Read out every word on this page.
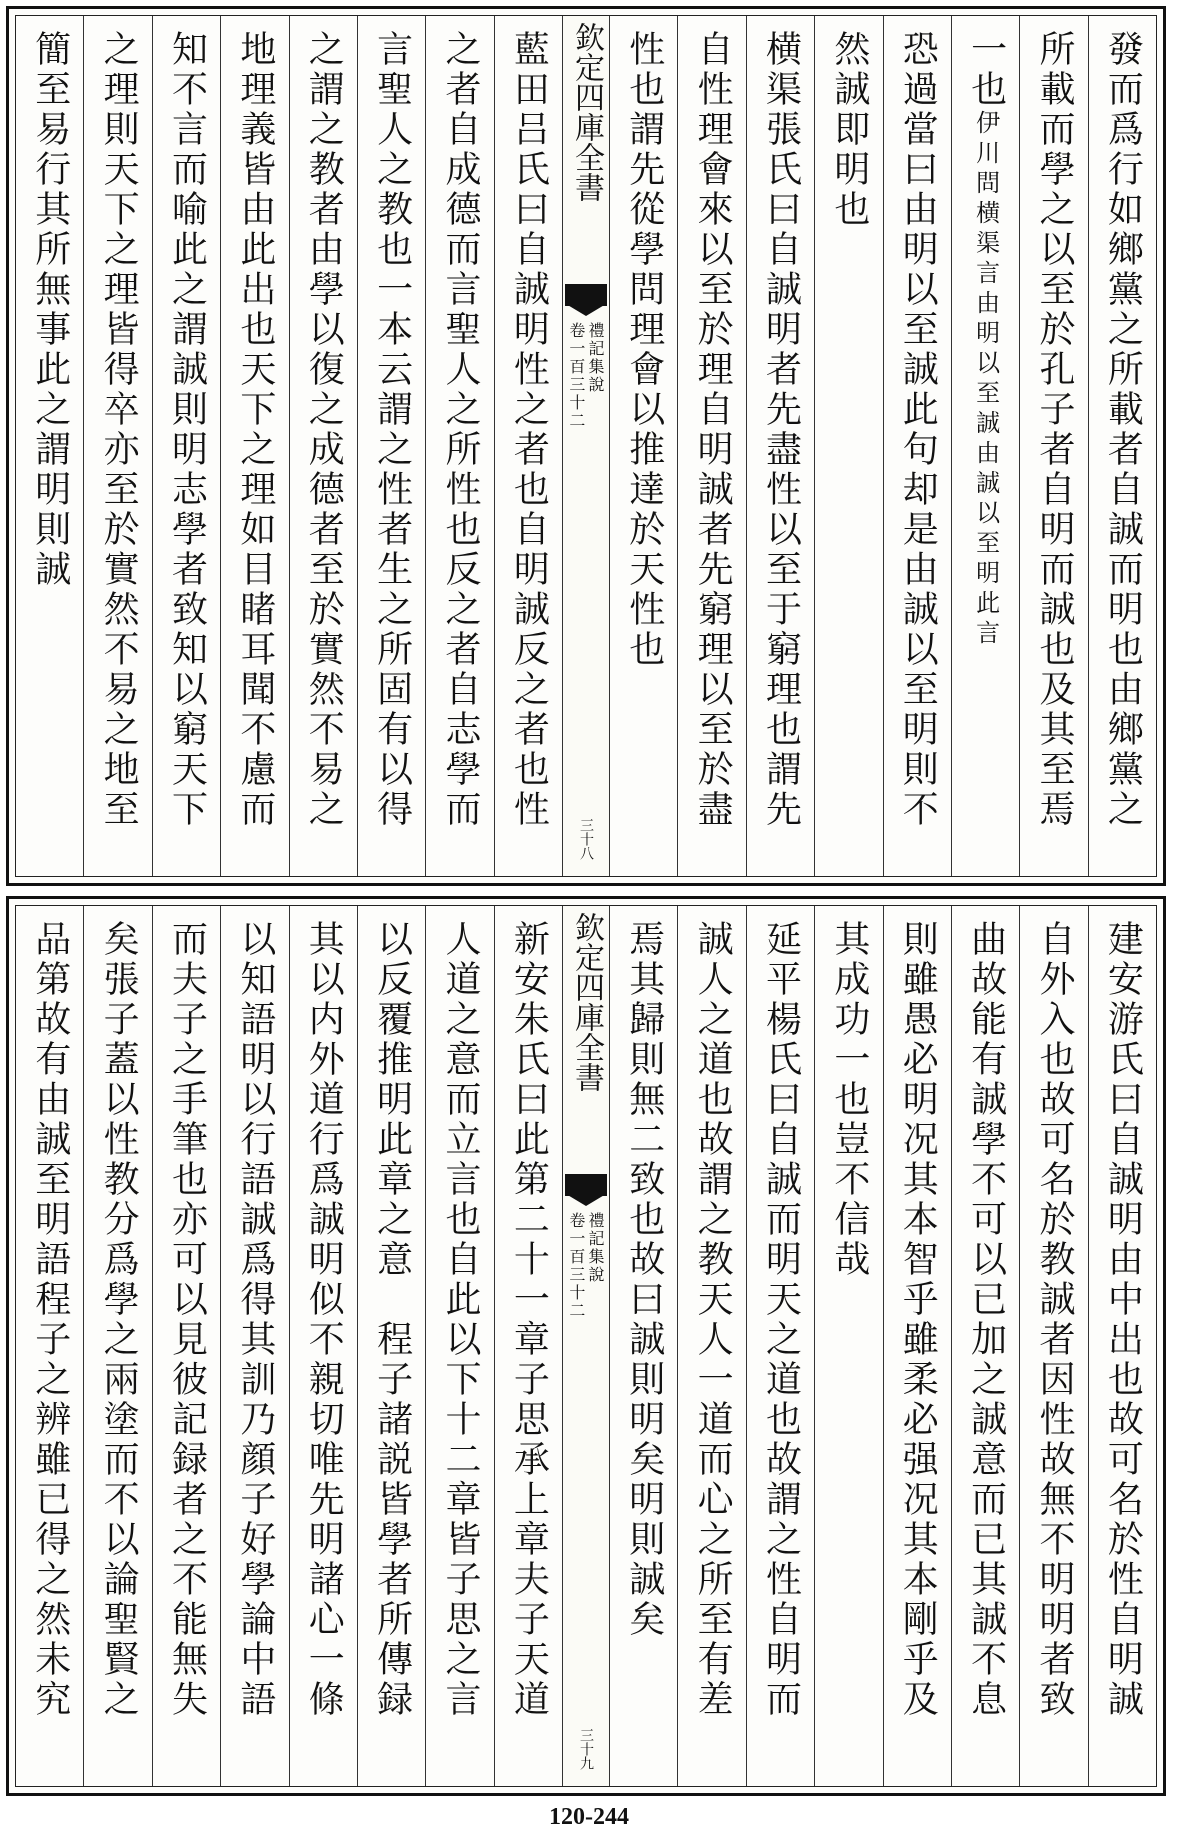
發而爲行如鄉黨之所載者自誠而明也由鄉黨之
所載而學之以至於孔子者自明而誠也及其至焉
一也伊川問横渠言由明以至誠由誠以至明此言
恐過當曰由明以至誠此句却是由誠以至明則不
然誠即明也
横渠張氏曰自誠明者先盡性以至于窮理也謂先
自性理會來以至於理自明誠者先窮理以至於盡
性也謂先從學問理會以推達於天性也
欽定四庫全書
禮記集說
卷一百三十二
三十八
藍田吕氏曰自誠明性之者也自明誠反之者也性
之者自成德而言聖人之所性也反之者自志學而
言聖人之教也一本云謂之性者生之所固有以得
之謂之教者由學以復之成德者至於實然不易之
地理義皆由此出也天下之理如目睹耳聞不慮而
知不言而喻此之謂誠則明志學者致知以窮天下
之理則天下之理皆得卒亦至於實然不易之地至
簡至易行其所無事此之謂明則誠
建安游氏曰自誠明由中出也故可名於性自明誠
自外入也故可名於教誠者因性故無不明明者致
曲故能有誠學不可以已加之誠意而已其誠不息
則雖愚必明况其本智乎雖柔必强况其本剛乎及
其成功一也豈不信哉
延平楊氏曰自誠而明天之道也故謂之性自明而
誠人之道也故謂之教天人一道而心之所至有差
焉其歸則無二致也故曰誠則明矣明則誠矣
欽定四庫全書
禮記集說
卷一百三十二
三十九
新安朱氏曰此第二十一章子思承上章夫子天道
人道之意而立言也自此以下十二章皆子思之言
以反覆推明此章之意　程子諸説皆學者所傳録
其以内外道行爲誠明似不親切唯先明諸心一條
以知語明以行語誠爲得其訓乃顔子好學論中語
而夫子之手筆也亦可以見彼記録者之不能無失
矣張子蓋以性教分爲學之兩塗而不以論聖賢之
品第故有由誠至明語程子之辨雖已得之然未究
120-244
